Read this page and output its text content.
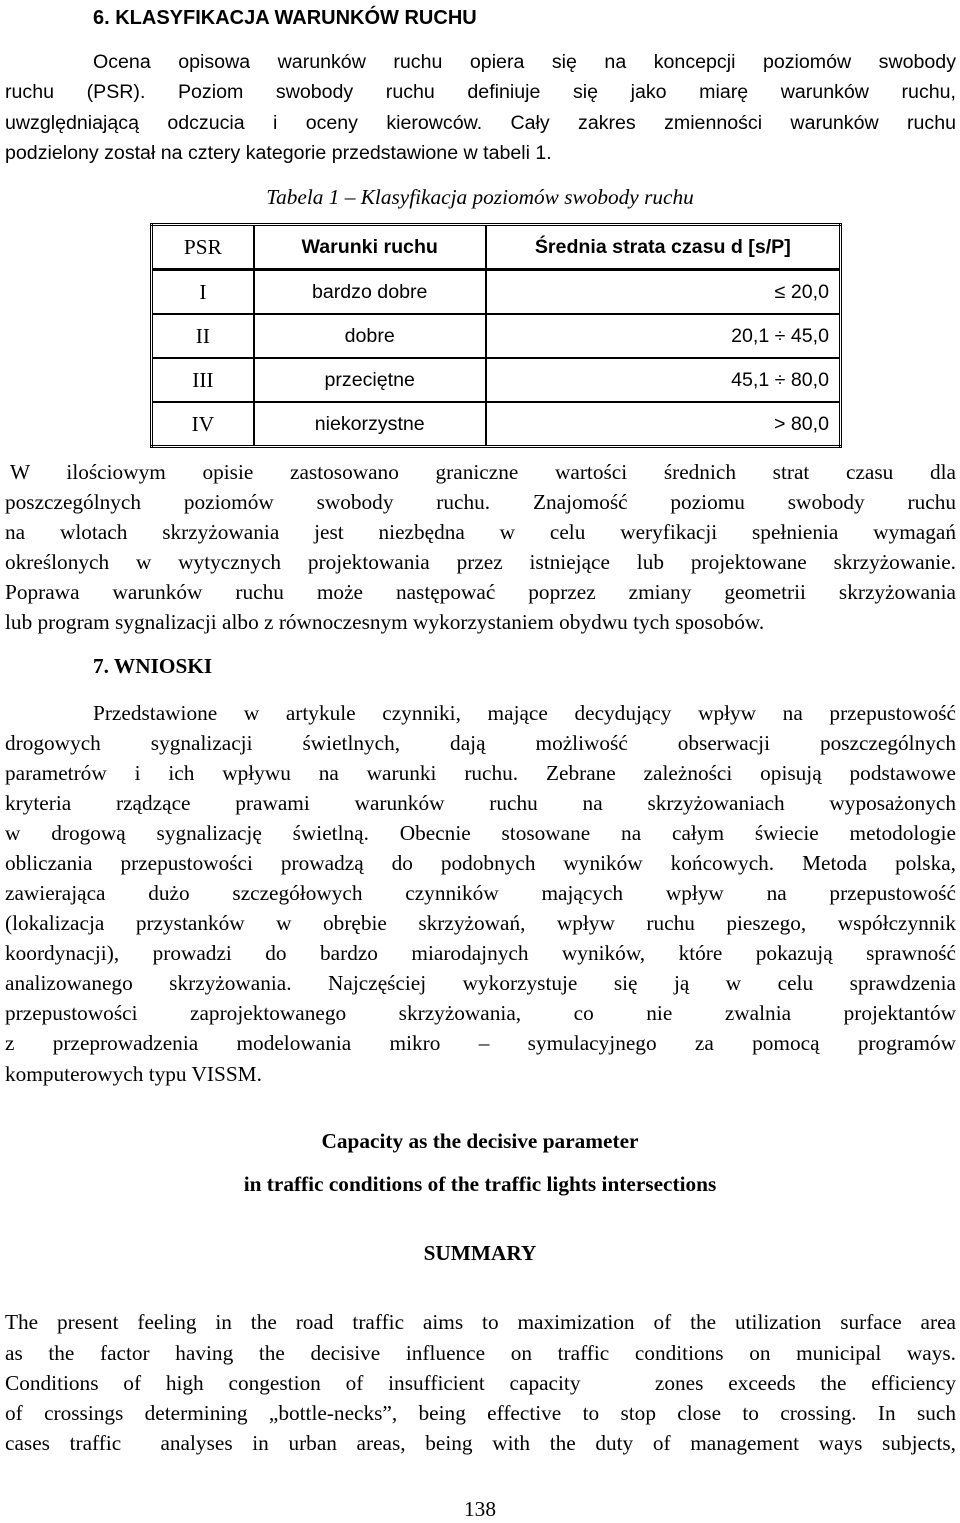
6. KLASYFIKACJA WARUNKÓW RUCHU
Ocena opisowa warunków ruchu opiera się na koncepcji poziomów swobody
ruchu (PSR). Poziom swobody ruchu definiuje się jako miarę warunków ruchu,
uwzględniającą odczucia i oceny kierowców. Cały zakres zmienności warunków ruchu
podzielony został na cztery kategorie przedstawione w tabeli 1.
Tabela 1 – Klasyfikacja poziomów swobody ruchu
PSR	Warunki ruchu	Średnia strata czasu d [s/P]
I	bardzo dobre	≤ 20,0
II	dobre	20,1 ÷ 45,0
III	przeciętne	45,1 ÷ 80,0
IV	niekorzystne	> 80,0
W ilościowym opisie zastosowano graniczne wartości średnich strat czasu dla
poszczególnych poziomów swobody ruchu. Znajomość poziomu swobody ruchu
na wlotach skrzyżowania jest niezbędna w celu weryfikacji spełnienia wymagań
określonych w wytycznych projektowania przez istniejące lub projektowane skrzyżowanie.
Poprawa warunków ruchu może następować poprzez zmiany geometrii skrzyżowania
lub program sygnalizacji albo z równoczesnym wykorzystaniem obydwu tych sposobów.
7. WNIOSKI
Przedstawione w artykule czynniki, mające decydujący wpływ na przepustowość
drogowych sygnalizacji świetlnych, dają możliwość obserwacji poszczególnych
parametrów i ich wpływu na warunki ruchu. Zebrane zależności opisują podstawowe
kryteria rządzące prawami warunków ruchu na skrzyżowaniach wyposażonych
w drogową sygnalizację świetlną. Obecnie stosowane na całym świecie metodologie
obliczania przepustowości prowadzą do podobnych wyników końcowych. Metoda polska,
zawierająca dużo szczegółowych czynników mających wpływ na przepustowość
(lokalizacja przystanków w obrębie skrzyżowań, wpływ ruchu pieszego, współczynnik
koordynacji), prowadzi do bardzo miarodajnych wyników, które pokazują sprawność
analizowanego skrzyżowania. Najczęściej wykorzystuje się ją w celu sprawdzenia
przepustowości zaprojektowanego skrzyżowania, co nie zwalnia projektantów
z przeprowadzenia modelowania mikro – symulacyjnego za pomocą programów
komputerowych typu VISSM.
Capacity as the decisive parameter
in traffic conditions of the traffic lights intersections
SUMMARY
The present feeling in the road traffic aims to maximization of the utilization surface area
as the factor having the decisive influence on traffic conditions on municipal ways.
Conditions of high congestion of insufficient capacity   zones exceeds the efficiency
of crossings determining „bottle-necks”, being effective to stop close to crossing. In such
cases traffic  analyses in urban areas, being with the duty of management ways subjects,
138
